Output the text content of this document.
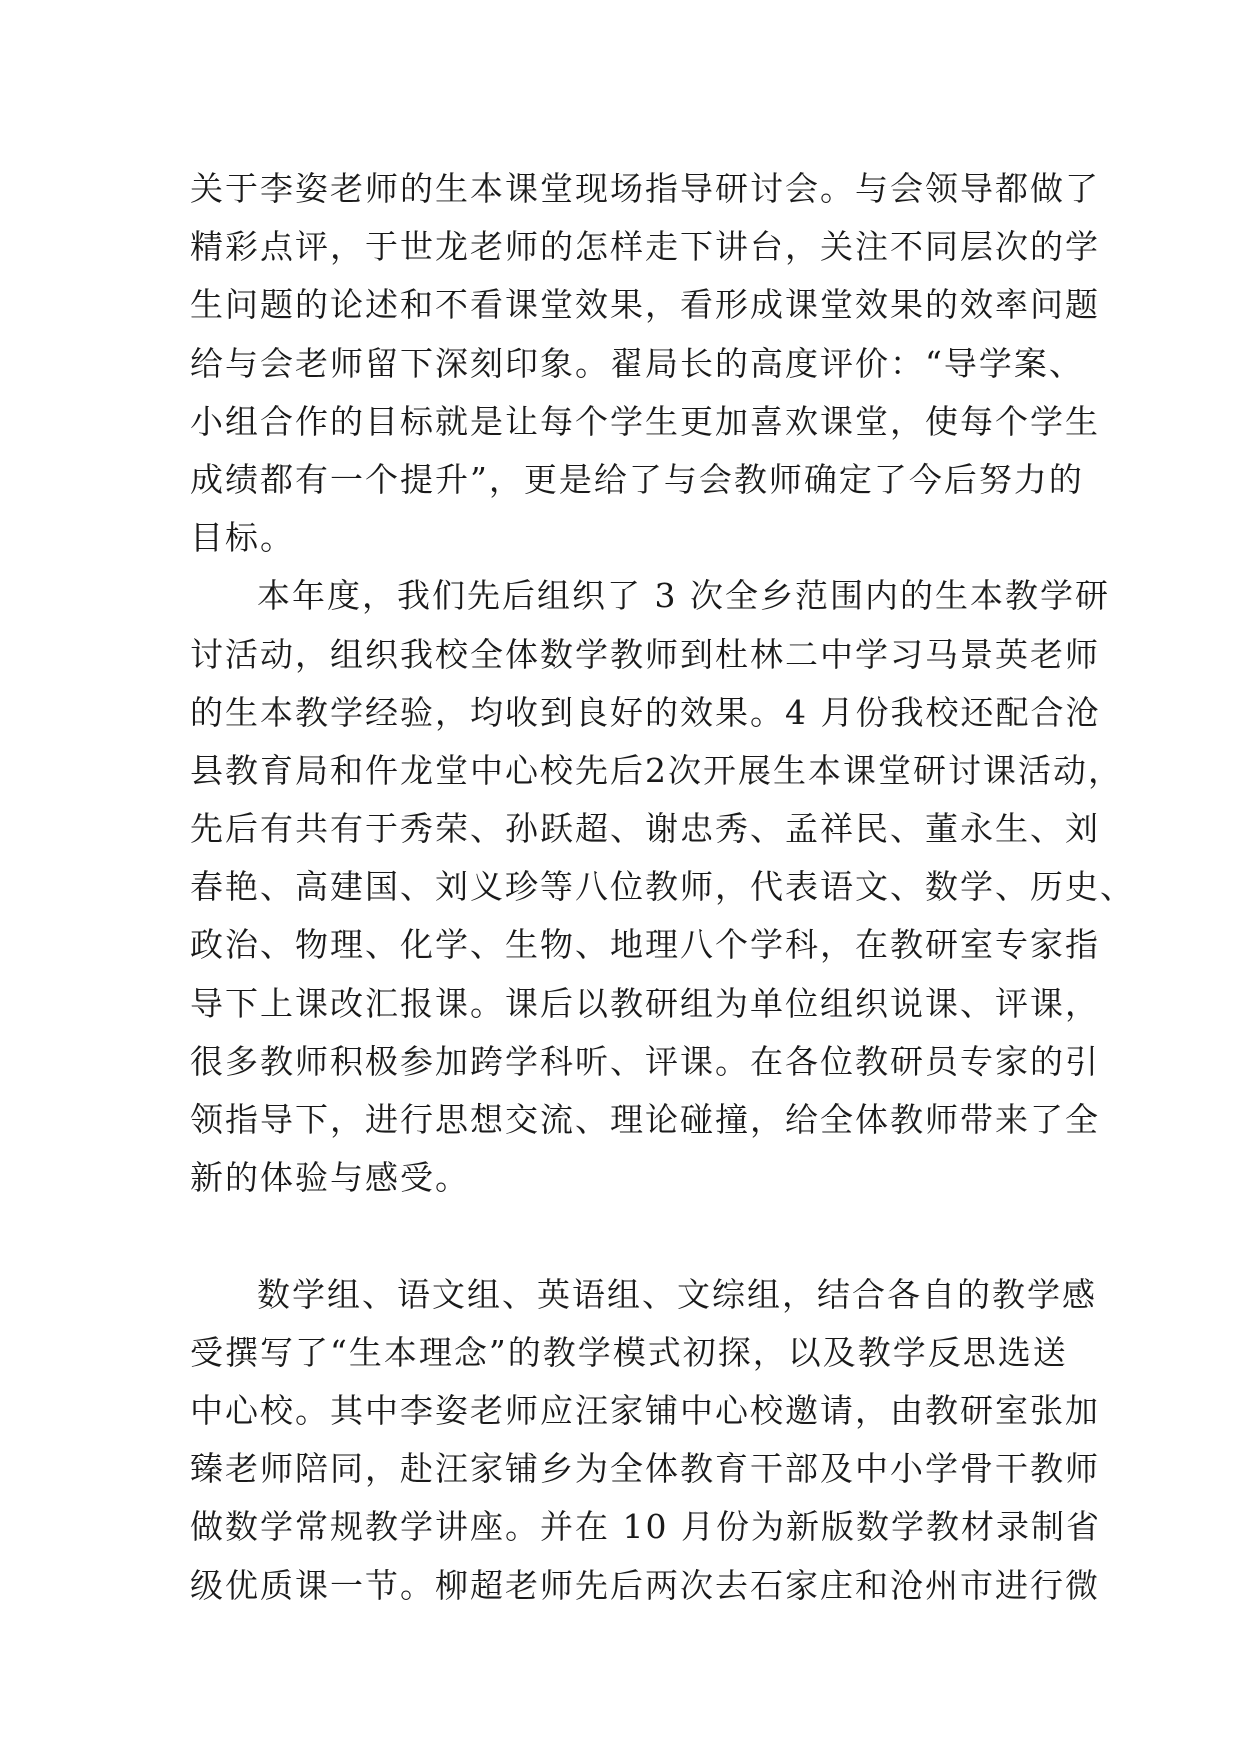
关于李姿老师的生本课堂现场指导研讨会。与会领导都做了
精彩点评，于世龙老师的怎样走下讲台，关注不同层次的学
生问题的论述和不看课堂效果，看形成课堂效果的效率问题
给与会老师留下深刻印象。翟局长的高度评价：“导学案、
小组合作的目标就是让每个学生更加喜欢课堂，使每个学生
成绩都有一个提升”，更是给了与会教师确定了今后努力的
目标。
本年度，我们先后组织了 3 次全乡范围内的生本教学研
讨活动，组织我校全体数学教师到杜林二中学习马景英老师
的生本教学经验，均收到良好的效果。4 月份我校还配合沧
县教育局和仵龙堂中心校先后2次开展生本课堂研讨课活动，
先后有共有于秀荣、孙跃超、谢忠秀、孟祥民、董永生、刘
春艳、高建国、刘义珍等八位教师，代表语文、数学、历史、
政治、物理、化学、生物、地理八个学科，在教研室专家指
导下上课改汇报课。课后以教研组为单位组织说课、评课，
很多教师积极参加跨学科听、评课。在各位教研员专家的引
领指导下，进行思想交流、理论碰撞，给全体教师带来了全
新的体验与感受。
数学组、语文组、英语组、文综组，结合各自的教学感
受撰写了“生本理念”的教学模式初探，以及教学反思选送
中心校。其中李姿老师应汪家铺中心校邀请，由教研室张加
臻老师陪同，赴汪家铺乡为全体教育干部及中小学骨干教师
做数学常规教学讲座。并在 10 月份为新版数学教材录制省
级优质课一节。柳超老师先后两次去石家庄和沧州市进行微
